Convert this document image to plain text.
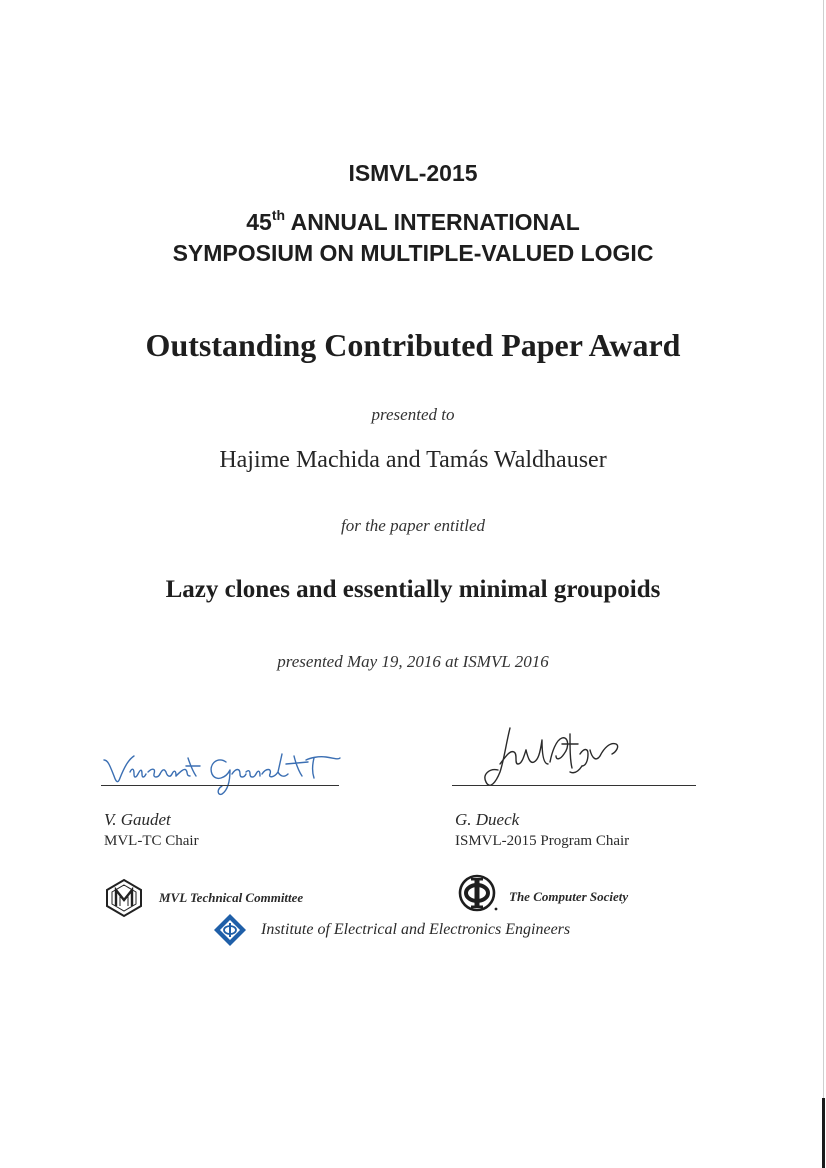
ISMVL-2015
45th ANNUAL INTERNATIONAL
SYMPOSIUM ON MULTIPLE-VALUED LOGIC
Outstanding Contributed Paper Award
presented to
Hajime Machida and Tamás Waldhauser
for the paper entitled
Lazy clones and essentially minimal groupoids
presented May 19, 2016 at ISMVL 2016
V. Gaudet
MVL-TC Chair
G. Dueck
ISMVL-2015 Program Chair
MVL Technical Committee	The Computer Society
Institute of Electrical and Electronics Engineers
